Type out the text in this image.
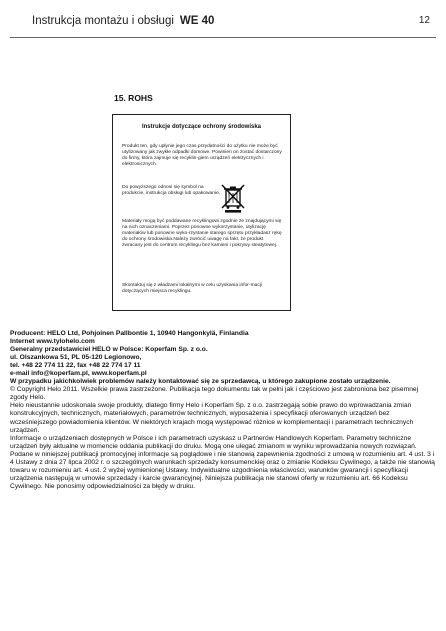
Instrukcja montażu i obsługi WE 40	12
15. ROHS
Instrukcje dotyczące ochrony środowiska
Produkt ten, gdy upłynie jego czas przydatności do użytku nie może być utylizowany jak zwykłe odpadki domowe. Powinien on zostać dostarczony do firmy, która zajmuje się recyklin-giem urządzeń elektrycznych i elektronicznych.
Do powyższego odnosi się symbol na produkcie, instrukcja obsługi lub opakowanie.
Materiały mogą być poddawane recyklingowi zgodnie ze znajdującymi się na nich oznaczeniami. Poprzez ponowne wykorzystanie, utylizację materiałów lub ponowne wyko-rzystanie starego sprzętu przykładasz rękę do ochrony środowiska.Należy zwrócić uwagę na fakt, że produkt zwracany jest do centrum recyklingu bez kamieni i pokrywy steatytowej.
Skontaktuj się z władzami lokalnymi w celu uzyskania infor-macji dotyczących miejsca recyklingu.
Producent: HELO Ltd, Pohjoinen Pallbontie 1, 10940 Hangonkylä, Finlandia
Internet www.tylohelo.com
Generalny przedstawiciel HELO w Polsce: Koperfam Sp. z o.o.
ul. Olszankowa 51, PL 05-120 Legionowo,
tel. +48 22 774 11 22, fax +48 22 774 17 11
e-mail info@koperfam.pl, www.koperfam.pl
W przypadku jakichkolwiek problemów należy kontaktować się ze sprzedawcą, u którego zakupione zostało urządzenie.
© Copyright Helo 2011. Wszelkie prawa zastrzeżone. Publikacja tego dokumentu tak w pełni jak i częściowo jest zabroniona bez pisemnej zgody Helo.
Helo nieustannie udoskonala swoje produkty, dlatego firmy Helo i Koperfam Sp. z o.o. zastrzegają sobie prawo do wprowadzania zmian konstrukcyjnych, technicznych, materiałowych, parametrów technicznych, wyposażenia i specyfikacji oferowanych urządzeń bez wcześniejszego powiadomienia klientów. W niektórych krajach mogą występować różnice w komplementacji i parametrach technicznych urządzeń.
Informacje o urządzeniach dostępnych w Polsce i ich parametrach uzyskasz u Partnerów Handlowych Koperfam. Parametry techniczne urządzeń były aktualne w momencie oddania publikacji do druku. Mogą one ulegać zmianom w wyniku wprowadzania nowych rozwiązań. Podane w niniejszej publikacji promocyjnej informacje są poglądowe i nie stanowią zapewnienia zgodności z umową w rozumieniu art. 4 ust. 3 i 4 Ustawy z dnia 27 lipca 2002 r. o szczególnych warunkach sprzedaży konsumenckiej oraz o zmianie Kodeksu Cywilnego, a także nie stanowią towaru w rozumieniu art. 4 ust. 2 wyżej wymienionej Ustawy. Indywidualne uzgodnienia właściwości, warunków gwarancji i specyfikacji urządzenia następują w umowie sprzedaży i karcie gwarancyjnej. Niniejsza publikacja nie stanowi oferty w rozumieniu art. 66 Kodeksu Cywilnego. Nie ponosimy odpowiedzialności za błędy w druku.
